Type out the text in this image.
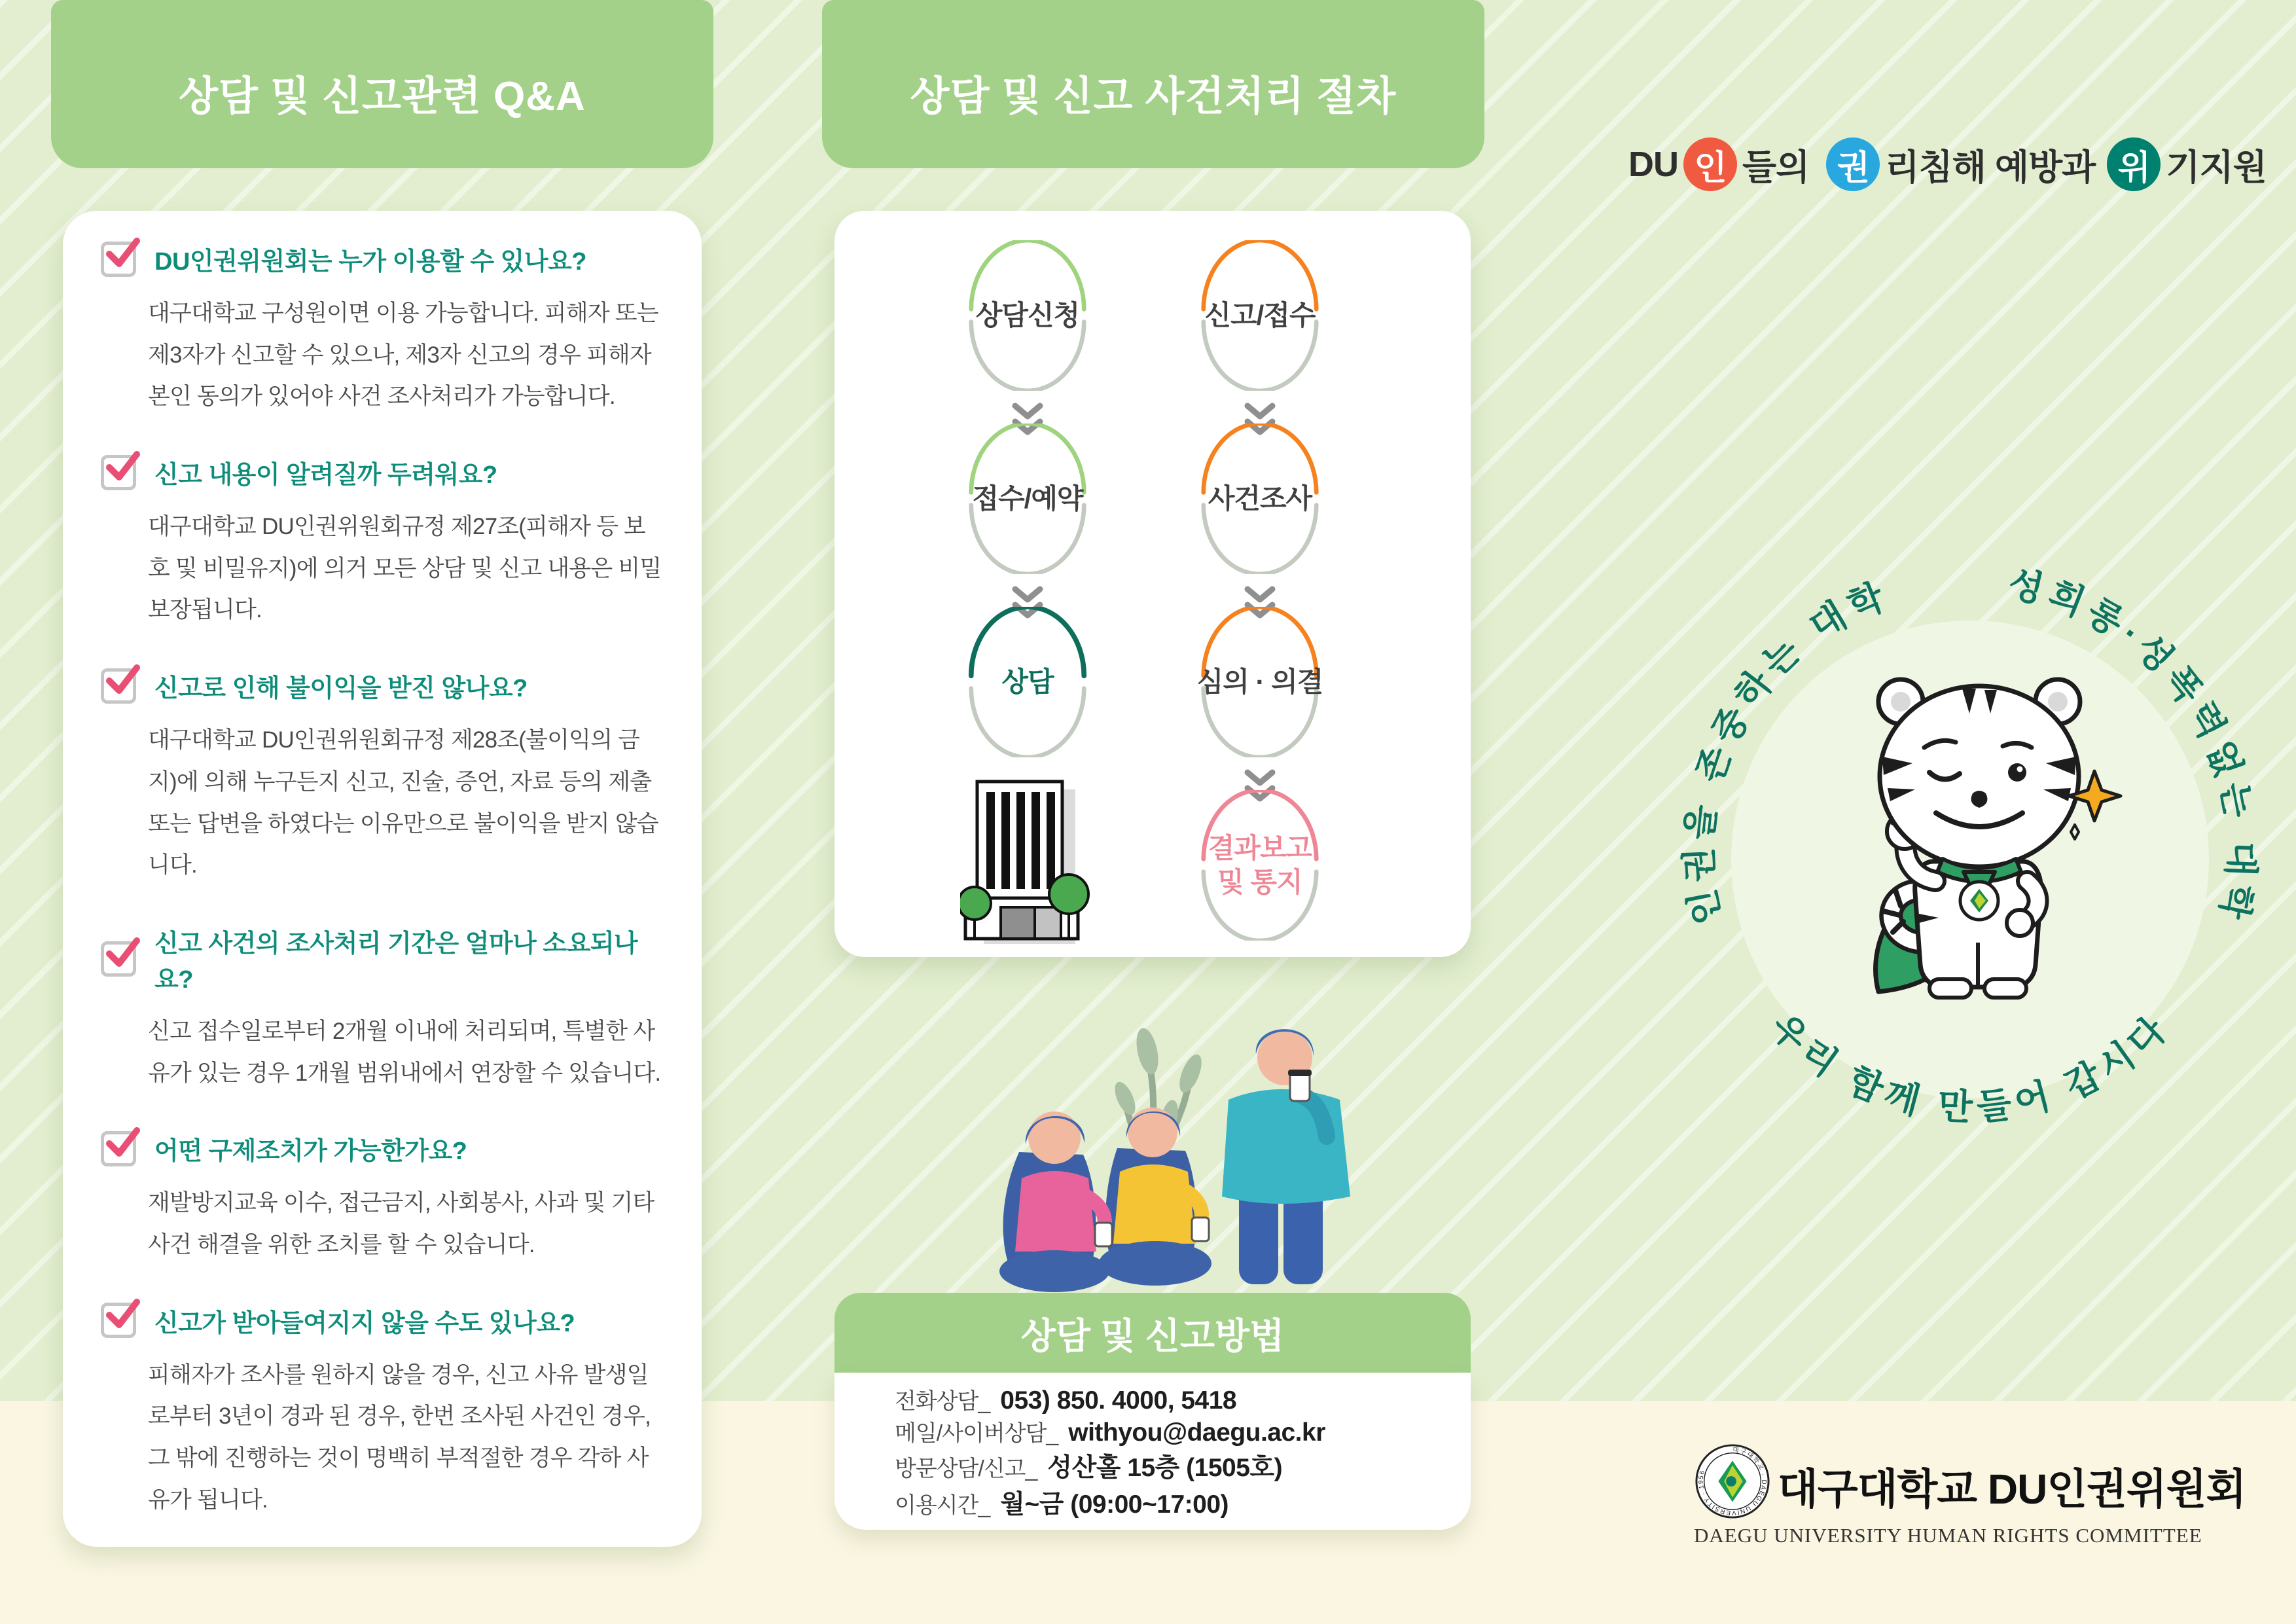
상담 및 신고관련 Q&A
DU인권위원회는 누가 이용할 수 있나요?

대구대학교 구성원이면 이용 가능합니다. 피해자 또는 제3자가 신고할 수 있으나, 제3자 신고의 경우 피해자 본인 동의가 있어야 사건 조사처리가 가능합니다.

신고 내용이 알려질까 두려워요?

대구대학교 DU인권위원회규정 제27조(피해자 등 보호 및 비밀유지)에 의거 모든 상담 및 신고 내용은 비밀 보장됩니다.

신고로 인해 불이익을 받진 않나요?

대구대학교 DU인권위원회규정 제28조(불이익의 금지)에 의해 누구든지 신고, 진술, 증언, 자료 등의 제출 또는 답변을 하였다는 이유만으로 불이익을 받지 않습니다.

신고 사건의 조사처리 기간은 얼마나 소요되나요?

신고 접수일로부터 2개월 이내에 처리되며, 특별한 사유가 있는 경우 1개월 범위내에서 연장할 수 있습니다.

어떤 구제조치가 가능한가요?

재발방지교육 이수, 접근금지, 사회봉사, 사과 및 기타 사건 해결을 위한 조치를 할 수 있습니다.

신고가 받아들여지지 않을 수도 있나요?

피해자가 조사를 원하지 않을 경우, 신고 사유 발생일로부터 3년이 경과 된 경우, 한번 조사된 사건인 경우, 그 밖에 진행하는 것이 명백히 부적절한 경우 각하 사유가 됩니다.

상담 및 신고 사건처리 절차
상담신청
접수/예약
상담
신고/접수
사건조사
심의 · 의결
결과보고 및 통지
상담 및 신고방법
전화상담_ 053) 850. 4000, 5418
메일/사이버상담_ withyou@daegu.ac.kr
방문상담/신고_ 성산홀 15층 (1505호)
이용시간_ 월~금 (09:00~17:00)
DU 인 들의 권 리침해 예방과 위 기지원
인권을 존중하는 대학	성희롱·성폭력없는 대학
우리 함께 만들어 갑시다
대구대학교 · DAEGU UNIVERSITY · 1956	대구대학교 DU인권위원회
DAEGU UNIVERSITY HUMAN RIGHTS COMMITTEE
